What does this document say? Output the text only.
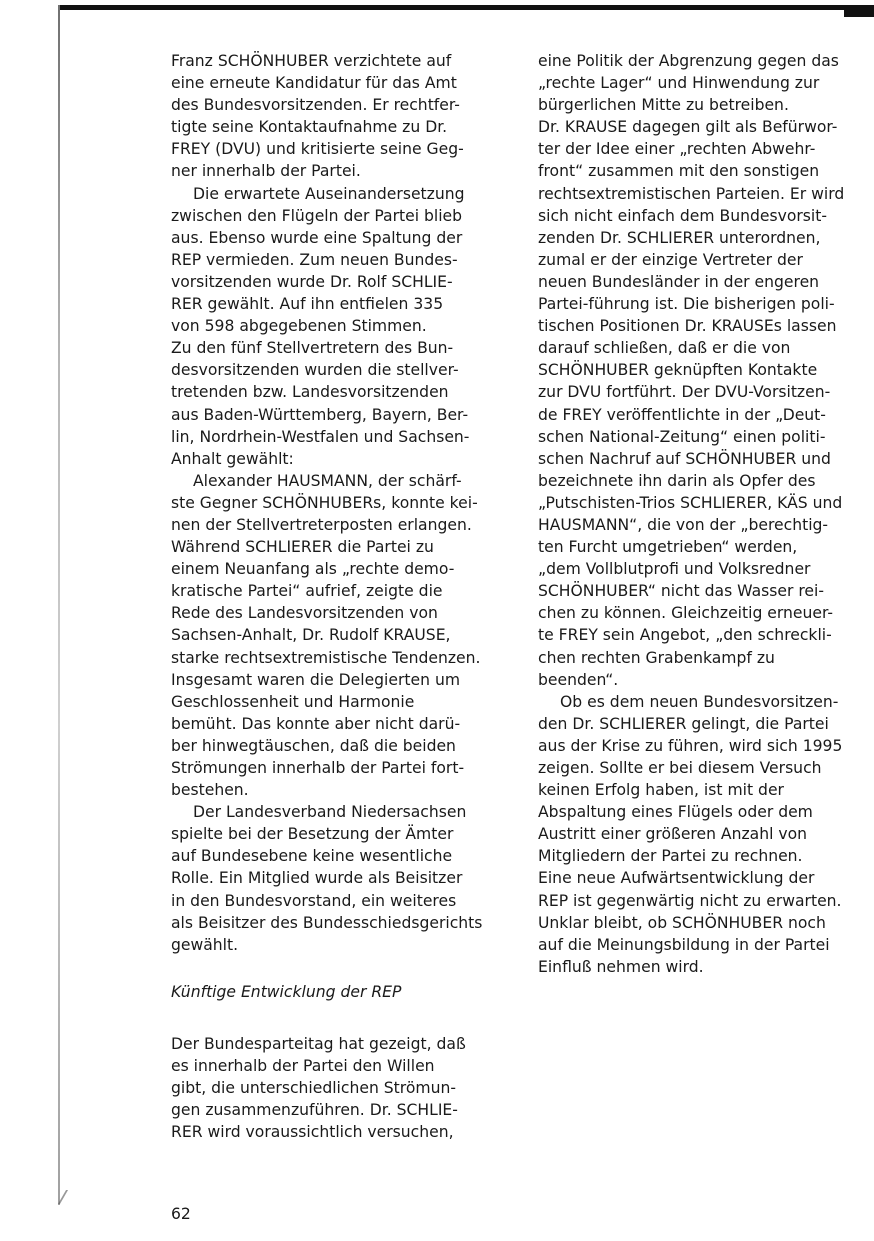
Franz SCHÖNHUBER verzichtete auf
eine erneute Kandidatur für das Amt
des Bundesvorsitzenden. Er rechtfer-
tigte seine Kontaktaufnahme zu Dr.
FREY (DVU) und kritisierte seine Geg-
ner innerhalb der Partei.

Die erwartete Auseinandersetzung
zwischen den Flügeln der Partei blieb
aus. Ebenso wurde eine Spaltung der
REP vermieden. Zum neuen Bundes-
vorsitzenden wurde Dr. Rolf SCHLIE-
RER gewählt. Auf ihn entfielen 335
von 598 abgegebenen Stimmen.

Zu den fünf Stellvertretern des Bun-
desvorsitzenden wurden die stellver-
tretenden bzw. Landesvorsitzenden
aus Baden-Württemberg, Bayern, Ber-
lin, Nordrhein-Westfalen und Sachsen-
Anhalt gewählt:

Alexander HAUSMANN, der schärf-
ste Gegner SCHÖNHUBERs, konnte kei-
nen der Stellvertreterposten erlangen.
Während SCHLIERER die Partei zu
einem Neuanfang als „rechte demo-
kratische Partei“ aufrief, zeigte die
Rede des Landesvorsitzenden von
Sachsen-Anhalt, Dr. Rudolf KRAUSE,
starke rechtsextremistische Tendenzen.
Insgesamt waren die Delegierten um
Geschlossenheit und Harmonie
bemüht. Das konnte aber nicht darü-
ber hinwegtäuschen, daß die beiden
Strömungen innerhalb der Partei fort-
bestehen.

Der Landesverband Niedersachsen
spielte bei der Besetzung der Ämter
auf Bundesebene keine wesentliche
Rolle. Ein Mitglied wurde als Beisitzer
in den Bundesvorstand, ein weiteres
als Beisitzer des Bundesschiedsgerichts
gewählt.

Künftige Entwicklung der REP

Der Bundesparteitag hat gezeigt, daß
es innerhalb der Partei den Willen
gibt, die unterschiedlichen Strömun-
gen zusammenzuführen. Dr. SCHLIE-
RER wird voraussichtlich versuchen,

eine Politik der Abgrenzung gegen das
„rechte Lager“ und Hinwendung zur
bürgerlichen Mitte zu betreiben.
Dr. KRAUSE dagegen gilt als Befürwor-
ter der Idee einer „rechten Abwehr-
front“ zusammen mit den sonstigen
rechtsextremistischen Parteien. Er wird
sich nicht einfach dem Bundesvorsit-
zenden Dr. SCHLIERER unterordnen,
zumal er der einzige Vertreter der
neuen Bundesländer in der engeren
Partei-führung ist. Die bisherigen poli-
tischen Positionen Dr. KRAUSEs lassen
darauf schließen, daß er die von
SCHÖNHUBER geknüpften Kontakte
zur DVU fortführt. Der DVU-Vorsitzen-
de FREY veröffentlichte in der „Deut-
schen National-Zeitung“ einen politi-
schen Nachruf auf SCHÖNHUBER und
bezeichnete ihn darin als Opfer des
„Putschisten-Trios SCHLIERER, KÄS und
HAUSMANN“, die von der „berechtig-
ten Furcht umgetrieben“ werden,
„dem Vollblutprofi und Volksredner
SCHÖNHUBER“ nicht das Wasser rei-
chen zu können. Gleichzeitig erneuer-
te FREY sein Angebot, „den schreckli-
chen rechten Grabenkampf zu
beenden“.

Ob es dem neuen Bundesvorsitzen-
den Dr. SCHLIERER gelingt, die Partei
aus der Krise zu führen, wird sich 1995
zeigen. Sollte er bei diesem Versuch
keinen Erfolg haben, ist mit der
Abspaltung eines Flügels oder dem
Austritt einer größeren Anzahl von
Mitgliedern der Partei zu rechnen.
Eine neue Aufwärtsentwicklung der
REP ist gegenwärtig nicht zu erwarten.
Unklar bleibt, ob SCHÖNHUBER noch
auf die Meinungsbildung in der Partei
Einfluß nehmen wird.

62
